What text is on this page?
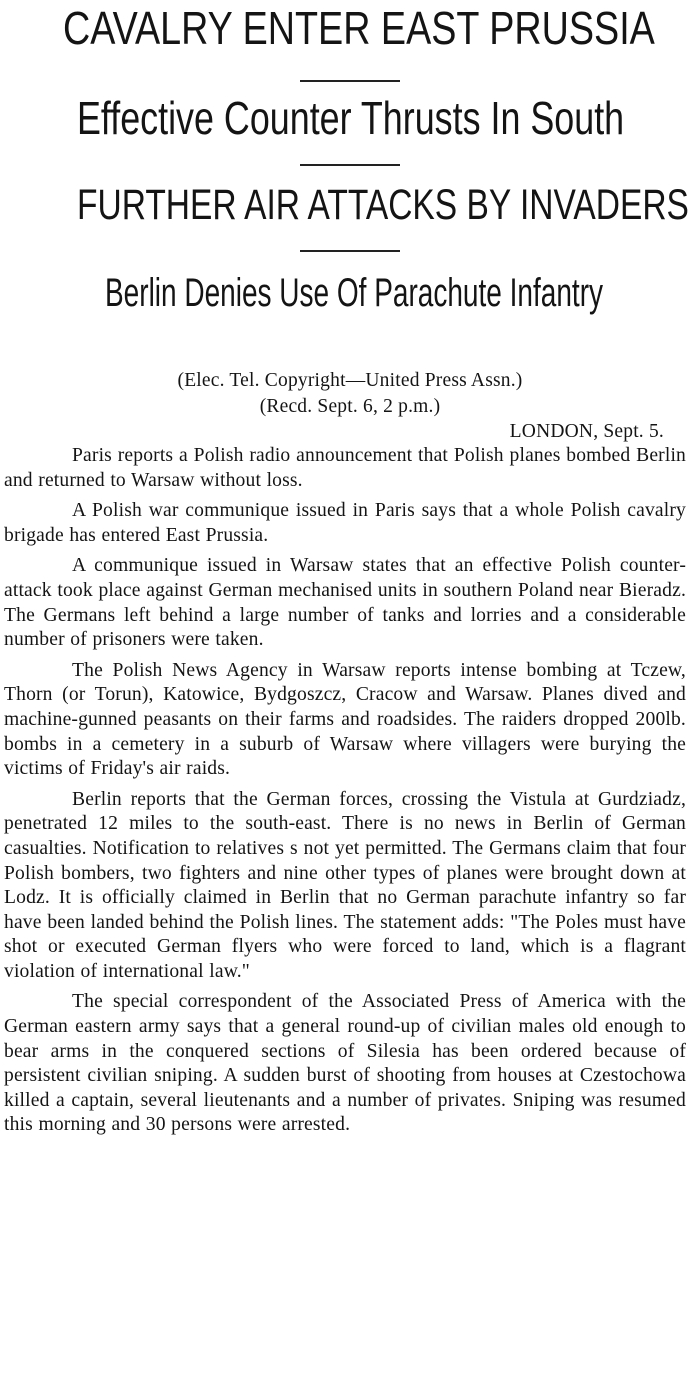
CAVALRY ENTER EAST PRUSSIA
Effective Counter Thrusts In South
FURTHER AIR ATTACKS BY INVADERS
Berlin Denies Use Of Parachute Infantry

(Elec. Tel. Copyright—United Press Assn.)

(Recd. Sept. 6, 2 p.m.)

LONDON, Sept. 5.

Paris reports a Polish radio announcement that Polish planes bombed Berlin and returned to Warsaw without loss.

A Polish war communique issued in Paris says that a whole Polish cavalry brigade has entered East Prussia.

A communique issued in Warsaw states that an effective Polish counter-attack took place against German mechanised units in southern Poland near Bieradz. The Germans left behind a large number of tanks and lorries and a considerable number of prisoners were taken.

The Polish News Agency in Warsaw reports intense bombing at Tczew, Thorn (or Torun), Katowice, Bydgoszcz, Cracow and Warsaw. Planes dived and machine-gunned peasants on their farms and roadsides. The raiders dropped 200lb. bombs in a cemetery in a suburb of Warsaw where villagers were burying the victims of Friday's air raids.

Berlin reports that the German forces, crossing the Vistula at Gurdziadz, penetrated 12 miles to the south-east. There is no news in Berlin of German casualties. Notification to relatives s not yet permitted. The Germans claim that four Polish bombers, two fighters and nine other types of planes were brought down at Lodz. It is officially claimed in Berlin that no German parachute infantry so far have been landed behind the Polish lines. The statement adds: "The Poles must have shot or executed German flyers who were forced to land, which is a flagrant violation of international law."

The special correspondent of the Associated Press of America with the German eastern army says that a general round-up of civilian males old enough to bear arms in the conquered sections of Silesia has been ordered because of persistent civilian sniping. A sudden burst of shooting from houses at Czestochowa killed a captain, several lieutenants and a number of privates. Sniping was resumed this morning and 30 persons were arrested.
